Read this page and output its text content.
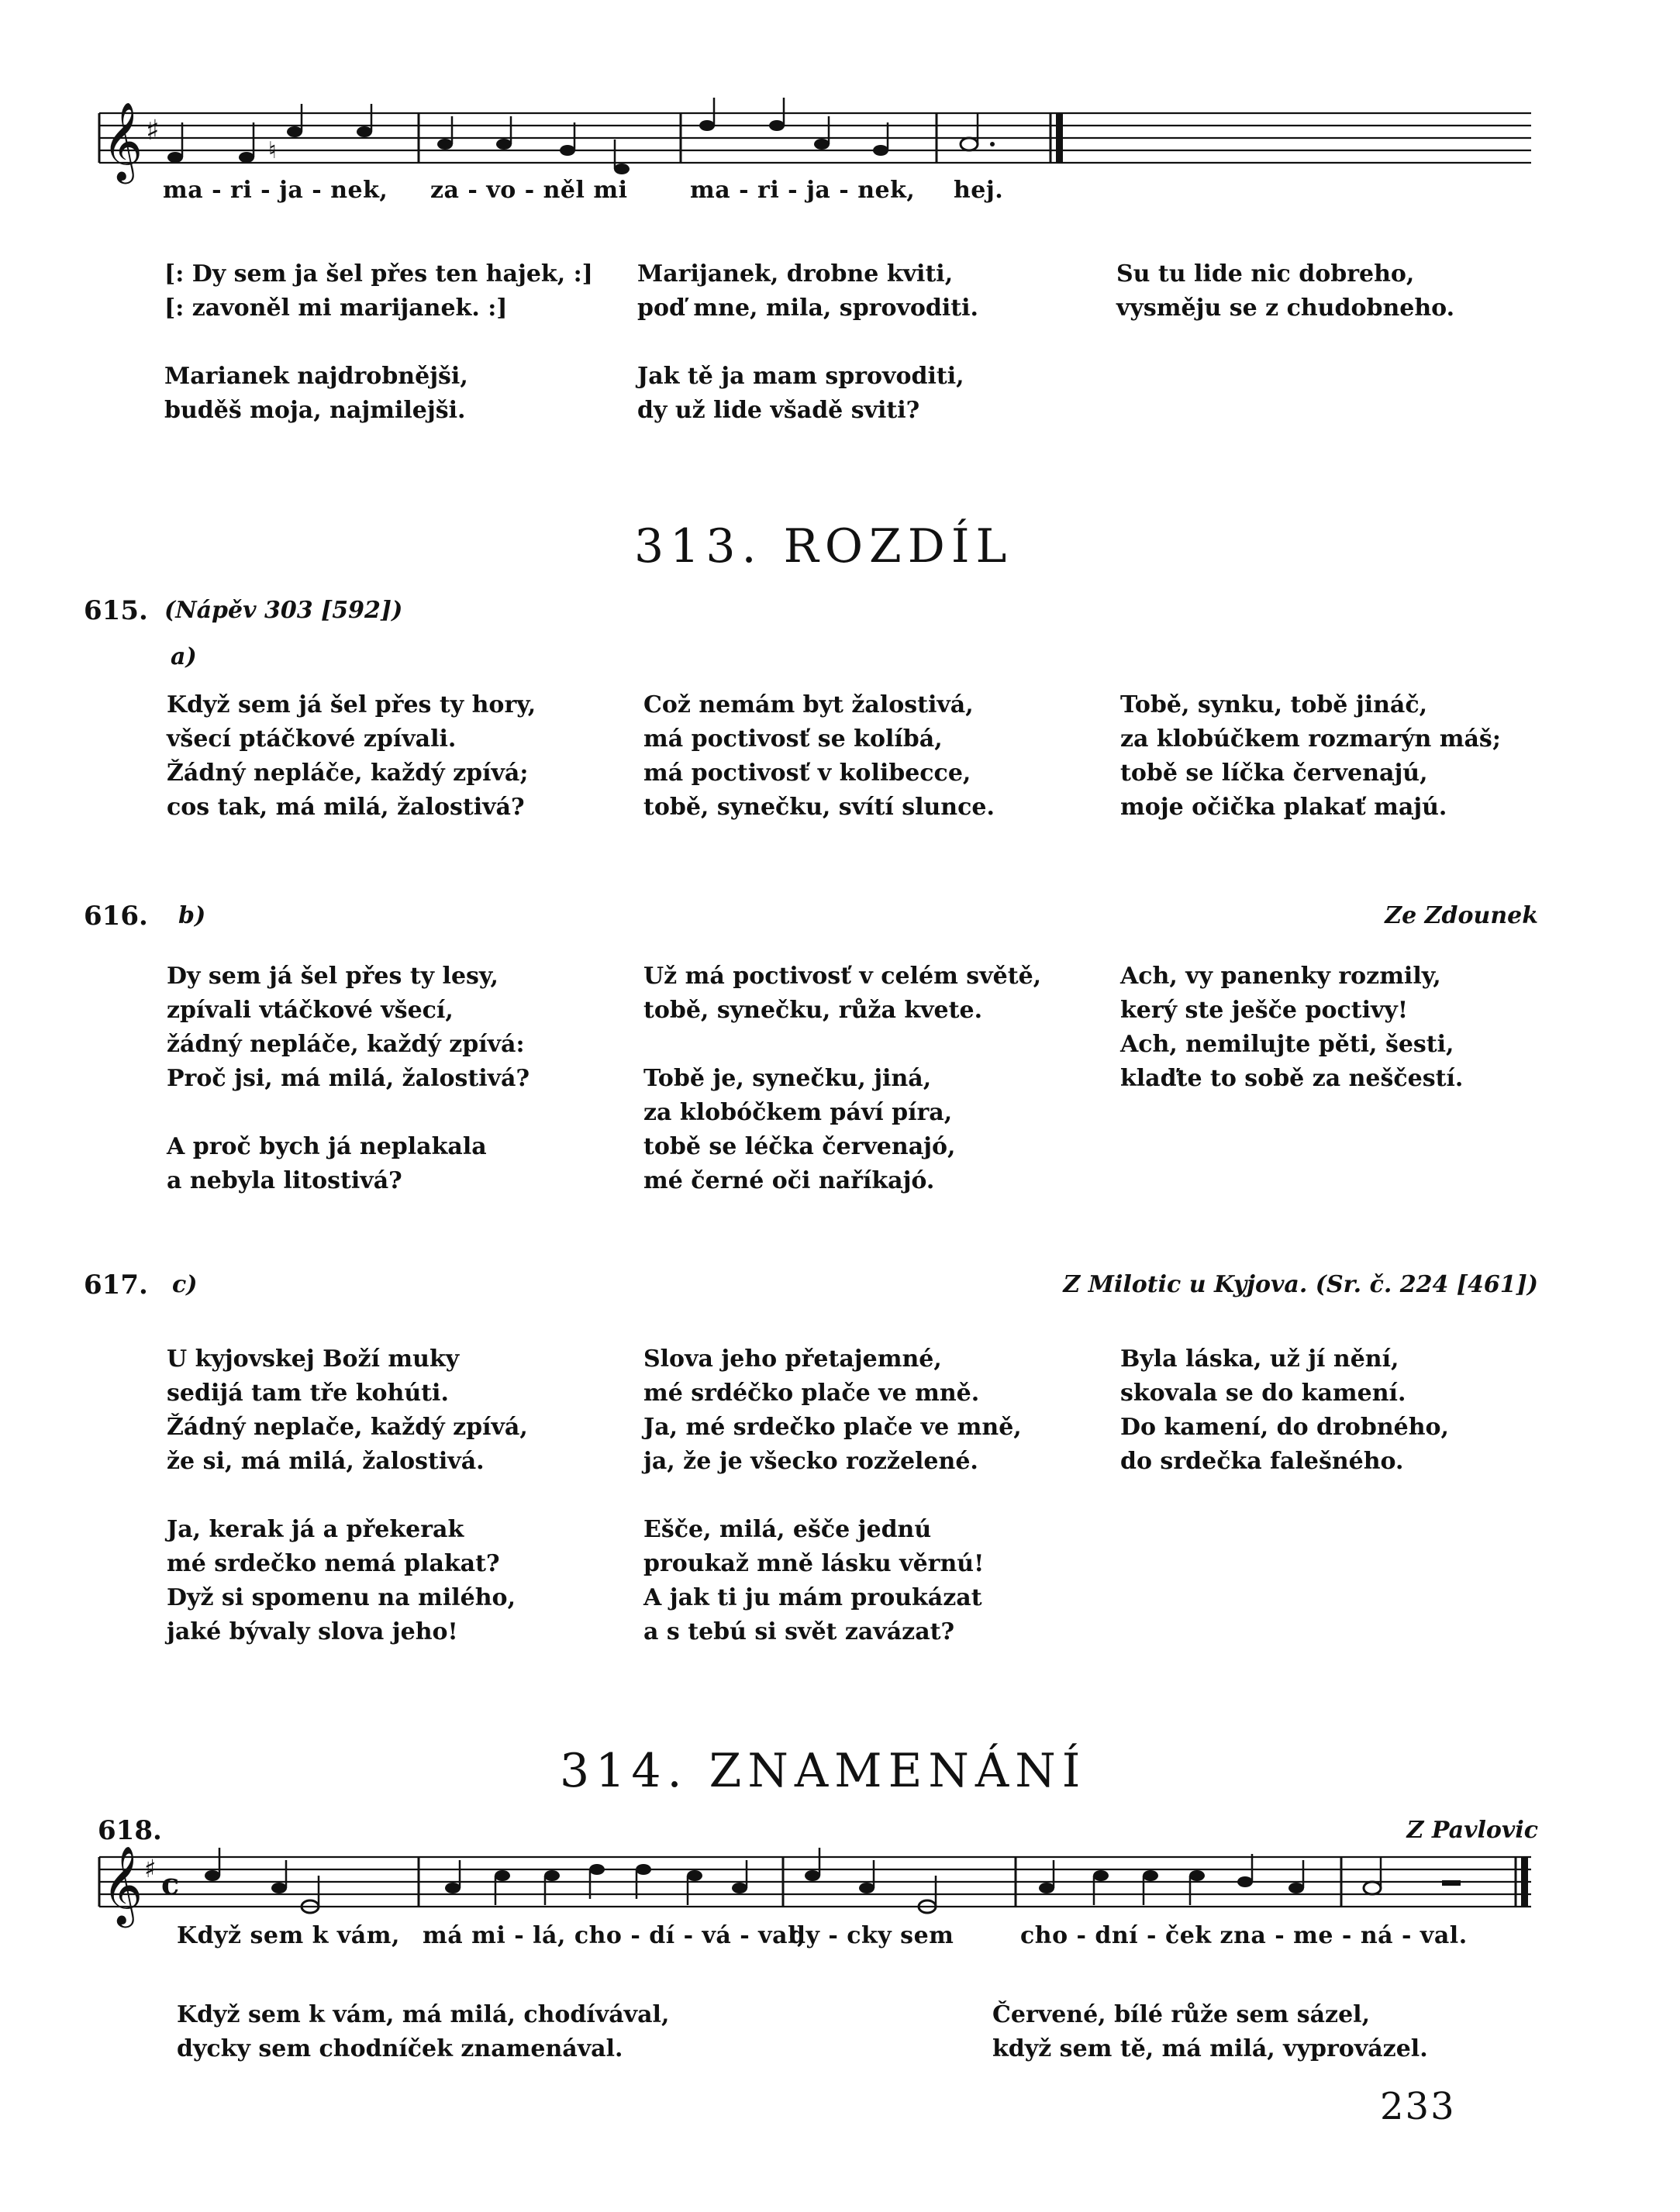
𝄞 ♯
♮
ma - ri - ja - nek, za - vo - něl mi	ma - ri - ja - nek, hej.
[: Dy sem ja šel přes ten hajek, :]
[: zavoněl mi marijanek. :]
Marianek najdrobnějši,
buděš moja, najmilejši.
Marijanek, drobne kviti,
poď mne, mila, sprovoditi.
Jak tě ja mam sprovoditi,
dy už lide všadě sviti?
Su tu lide nic dobreho,
vysměju se z chudobneho.
313. ROZDÍL
615. (Nápěv 303 [592])
a)
Když sem já šel přes ty hory,
všecí ptáčkové zpívali.
Žádný nepláče, každý zpívá;
cos tak, má milá, žalostivá?
Což nemám byt žalostivá,
má poctivosť se kolíbá,
má poctivosť v kolibecce,
tobě, synečku, svítí slunce.
Tobě, synku, tobě jináč,
za klobúčkem rozmarýn máš;
tobě se líčka červenajú,
moje očička plakať majú.
616. b)	Ze Zdounek
Dy sem já šel přes ty lesy,
zpívali vtáčkové všecí,
žádný nepláče, každý zpívá:
Proč jsi, má milá, žalostivá?
A proč bych já neplakala
a nebyla litostivá?
Už má poctivosť v celém světě,
tobě, synečku, růža kvete.
Tobě je, synečku, jiná,
za klobóčkem páví pírа,
tobě se léčka červenajó,
mé černé oči naříkajó.
Ach, vy panenky rozmily,
kerý ste ješče poctivy!
Ach, nemilujte pěti, šesti,
klaďte to sobě za neščestí.
617. c)	Z Milotic u Kyjova. (Sr. č. 224 [461])
U kyjovskej Boží muky
sedijá tam tře kohúti.
Žádný neplače, každý zpívá,
že si, má milá, žalostivá.
Ja, kerak já a překerak
mé srdečko nemá plakat?
Dyž si spomenu na milého,
jaké bývaly slova jeho!
Slova jeho přetajemné,
mé srdéčko plače ve mně.
Ja, mé srdečko plače ve mně,
ja, že je všecko rozželené.
Ešče, milá, ešče jednú
proukaž mně lásku věrnú!
A jak ti ju mám proukázat
a s tebú si svět zavázat?
Byla láska, už jí nění,
skovala se do kamení.
Do kamení, do drobného,
do srdečka falešného.
314. ZNAMENÁNÍ
618.	Z Pavlovic
𝄞 ♯ c
Když sem k vám, má mi - lá, cho - dí - vá - val,
dy - cky sem	cho - dní - ček zna - me - ná - val.
Když sem k vám, má milá, chodívával,
dycky sem chodníček znamenával.
Červené, bílé růže sem sázel,
když sem tě, má milá, vyprovázel.
233
